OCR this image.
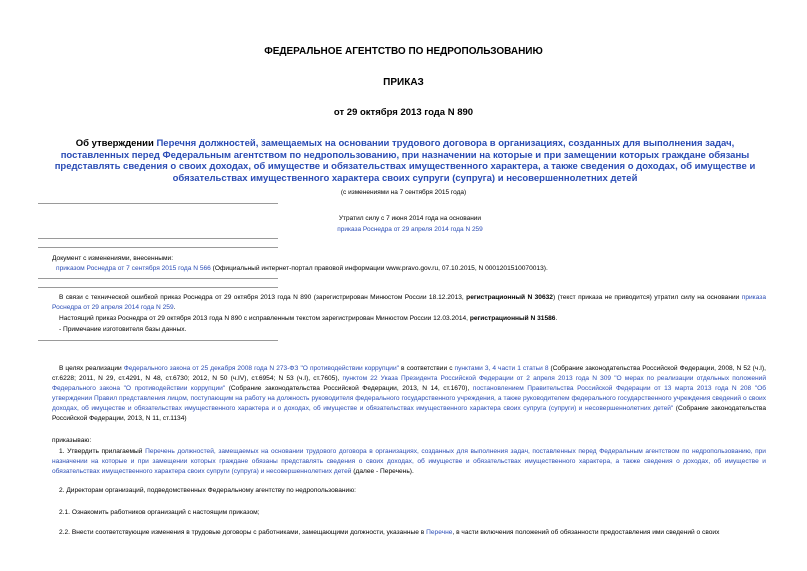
ФЕДЕРАЛЬНОЕ АГЕНТСТВО ПО НЕДРОПОЛЬЗОВАНИЮ
ПРИКАЗ
от 29 октября 2013 года N 890
Об утверждении Перечня должностей, замещаемых на основании трудового договора в организациях, созданных для выполнения задач, поставленных перед Федеральным агентством по недропользованию, при назначении на которые и при замещении которых граждане обязаны представлять сведения о своих доходах, об имуществе и обязательствах имущественного характера, а также сведения о доходах, об имуществе и обязательствах имущественного характера своих супруги (супруга) и несовершеннолетних детей
(с изменениями на 7 сентября 2015 года)
Утратил силу с 7 июня 2014 года на основании
приказа Роснедра от 29 апреля 2014 года N 259
Документ с изменениями, внесенными:
приказом Роснедра от 7 сентября 2015 года N 566 (Официальный интернет-портал правовой информации www.pravo.gov.ru, 07.10.2015, N 0001201510070013).
В связи с технической ошибкой приказ Роснедра от 29 октября 2013 года N 890 (зарегистрирован Минюстом России 18.12.2013, регистрационный N 30632) (текст приказа не приводится) утратил силу на основании приказа Роснедра от 29 апреля 2014 года N 259.
Настоящий приказ Роснедра от 29 октября 2013 года N 890 с исправленным текстом зарегистрирован Минюстом России 12.03.2014, регистрационный N 31586.
- Примечание изготовителя базы данных.
В целях реализации Федерального закона от 25 декабря 2008 года N 273-ФЗ "О противодействии коррупции" в соответствии с пунктами 3, 4 части 1 статьи 8 (Собрание законодательства Российской Федерации, 2008, N 52 (ч.I), ст.6228; 2011, N 29, ст.4291, N 48, ст.6730; 2012, N 50 (ч.IV), ст.6954; N 53 (ч.I), ст.7605), пунктом 22 Указа Президента Российской Федерации от 2 апреля 2013 года N 309 "О мерах по реализации отдельных положений Федерального закона "О противодействии коррупции" (Собрание законодательства Российской Федерации, 2013, N 14, ст.1670), постановлением Правительства Российской Федерации от 13 марта 2013 года N 208 "Об утверждении Правил представления лицом, поступающим на работу на должность руководителя федерального государственного учреждения, а также руководителем федерального государственного учреждения сведений о своих доходах, об имуществе и обязательствах имущественного характера и о доходах, об имуществе и обязательствах имущественного характера своих супруга (супруги) и несовершеннолетних детей" (Собрание законодательства Российской Федерации, 2013, N 11, ст.1134)
приказываю:
1. Утвердить прилагаемый Перечень должностей, замещаемых на основании трудового договора в организациях, созданных для выполнения задач, поставленных перед Федеральным агентством по недропользованию, при назначении на которые и при замещении которых граждане обязаны представлять сведения о своих доходах, об имуществе и обязательствах имущественного характера, а также сведения о доходах, об имуществе и обязательствах имущественного характера своих супруги (супруга) и несовершеннолетних детей (далее - Перечень).
2. Директорам организаций, подведомственных Федеральному агентству по недропользованию:
2.1. Ознакомить работников организаций с настоящим приказом;
2.2. Внести соответствующие изменения в трудовые договоры с работниками, замещающими должности, указанные в Перечне, в части включения положений об обязанности предоставления ими сведений о своих
